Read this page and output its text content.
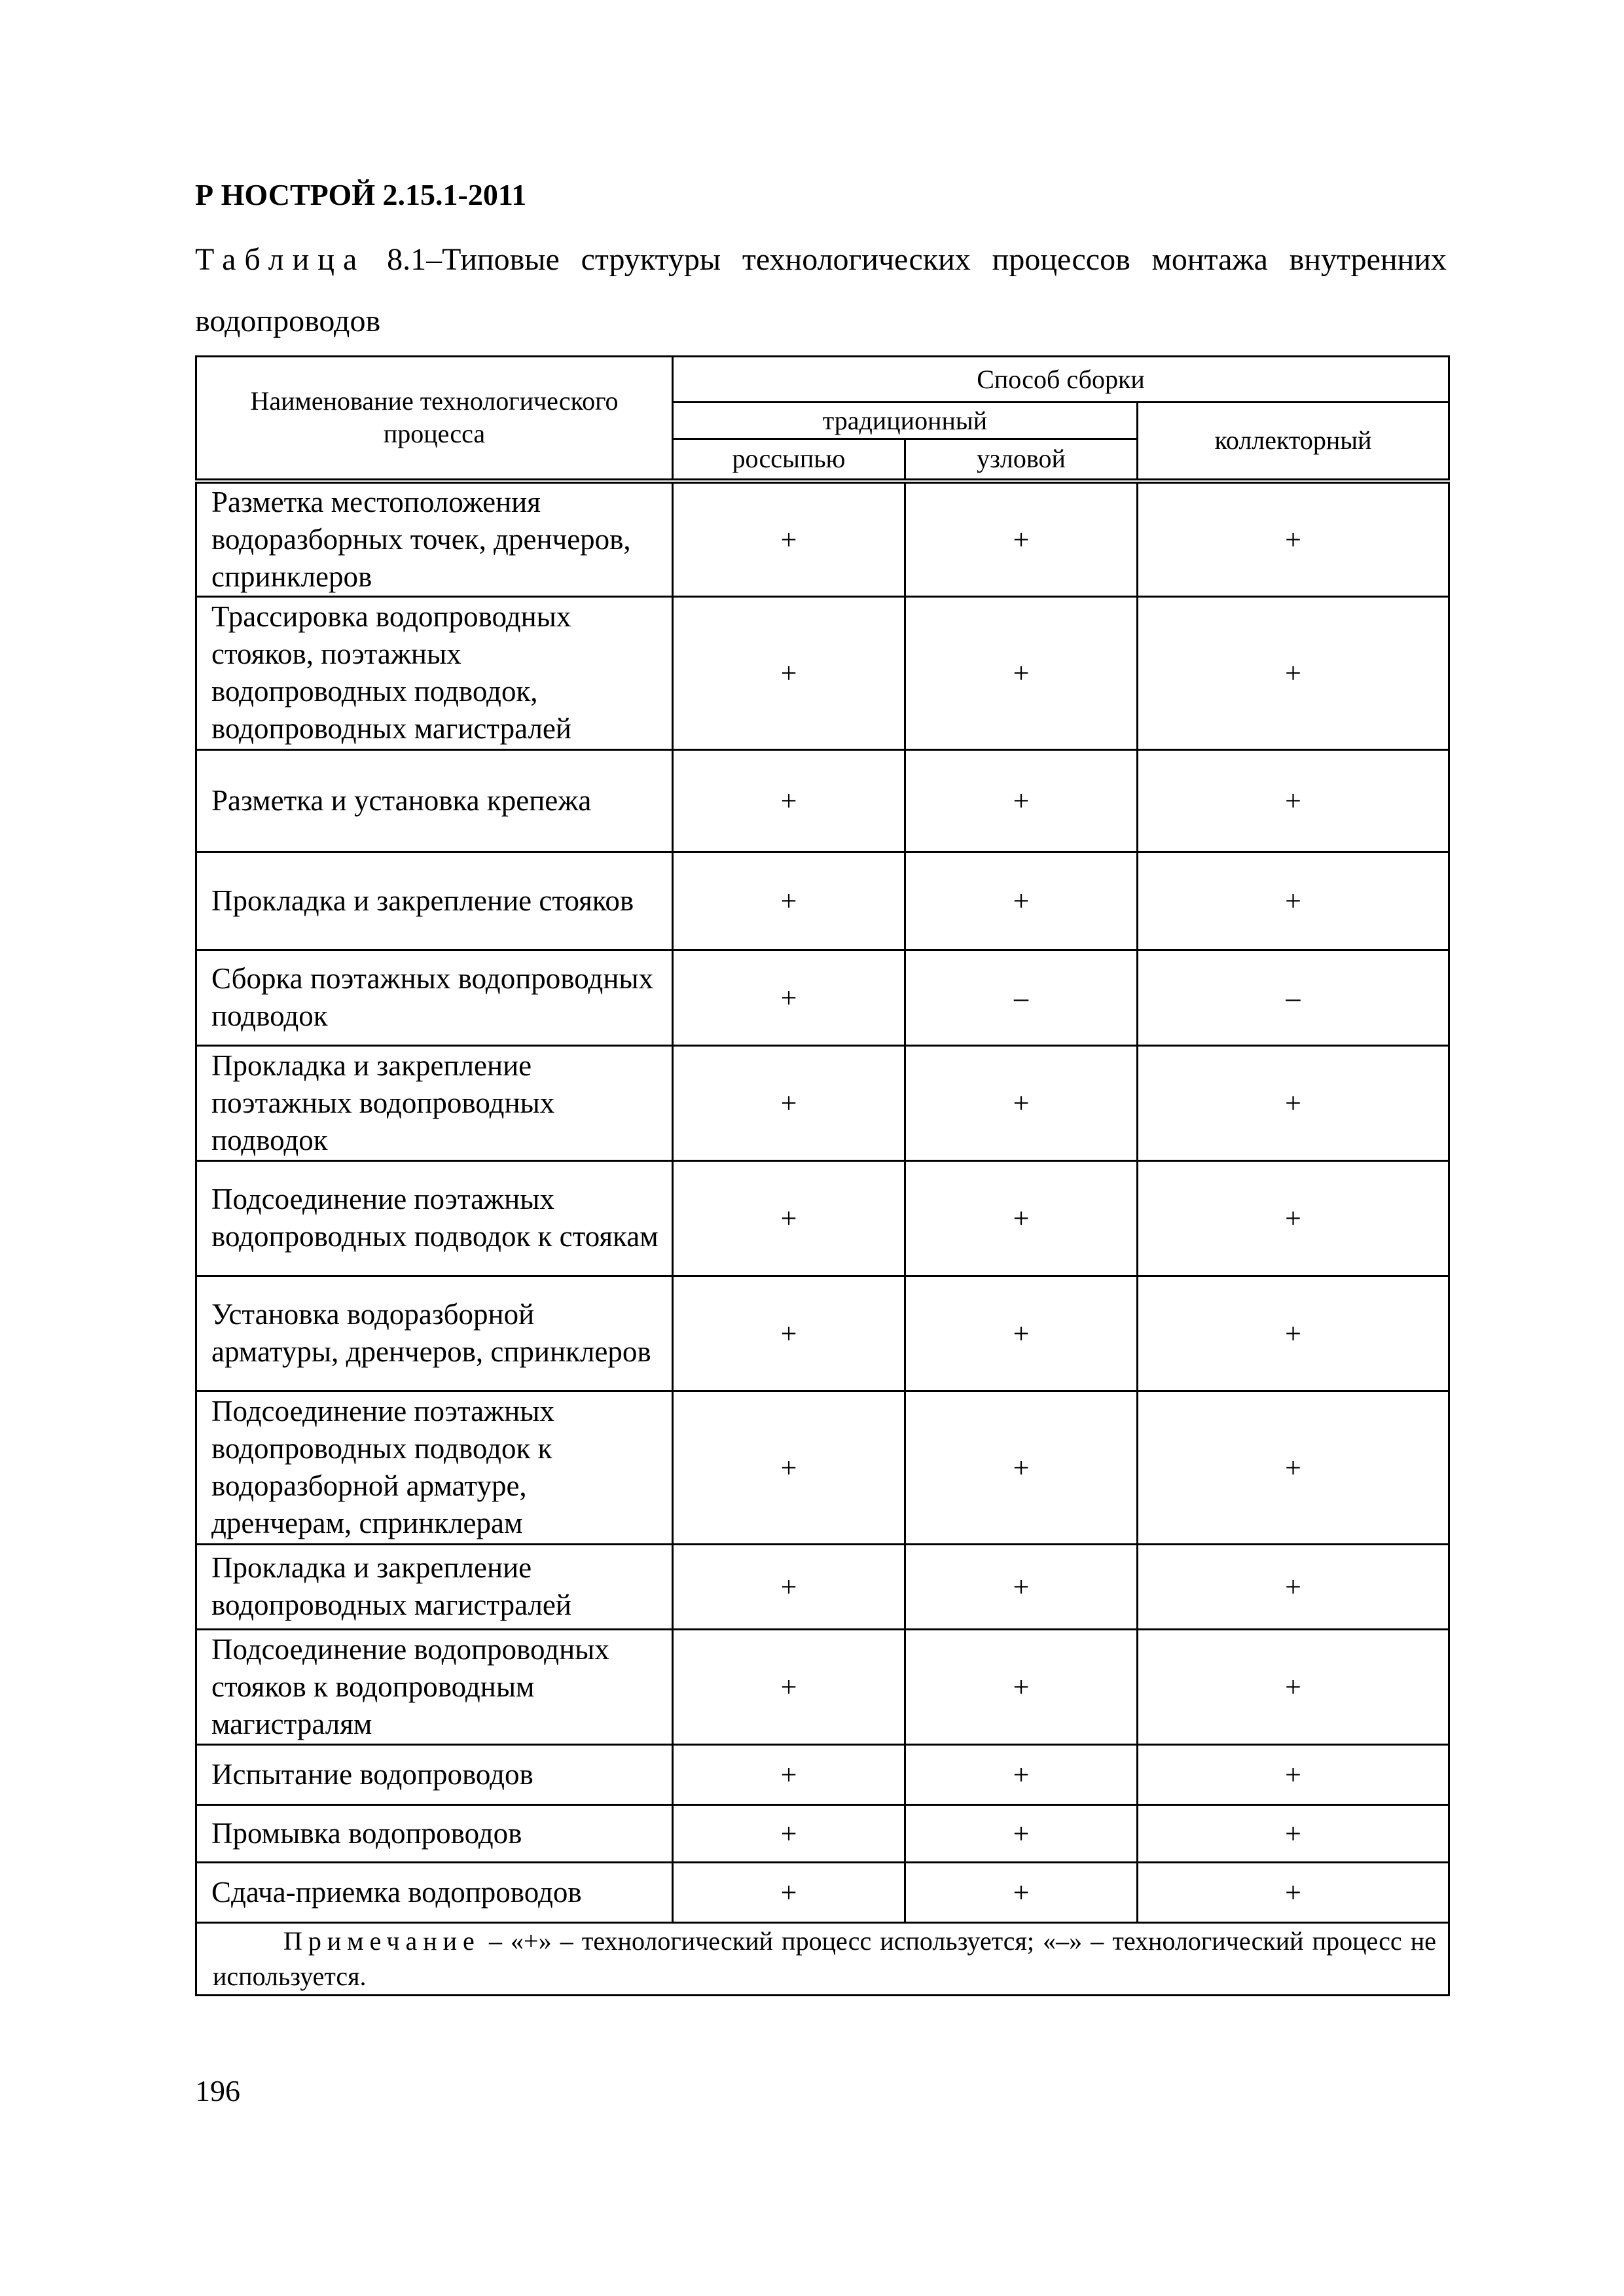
Р НОСТРОЙ 2.15.1-2011
Таблица 8.1–Типовые структуры технологических процессов монтажа внутренних водопроводов
Наименование технологического процесса	Способ сборки		
	традиционный		коллекторный
	россыпью	узловой	
Разметка местоположения водоразборных точек, дренчеров, спринклеров	+	+	+
Трассировка водопроводных стояков, поэтажных водопроводных подводок, водопроводных магистралей	+	+	+
Разметка и установка крепежа	+	+	+
Прокладка и закрепление стояков	+	+	+
Сборка поэтажных водопроводных подводок	+	–	–
Прокладка и закрепление поэтажных водопроводных подводок	+	+	+
Подсоединение поэтажных водопроводных подводок к стоякам	+	+	+
Установка водоразборной арматуры, дренчеров, спринклеров	+	+	+
Подсоединение поэтажных водопроводных подводок к водоразборной арматуре, дренчерам, спринклерам	+	+	+
Прокладка и закрепление водопроводных магистралей	+	+	+
Подсоединение водопроводных стояков к водопроводным магистралям	+	+	+
Испытание водопроводов	+	+	+
Промывка водопроводов	+	+	+
Сдача-приемка водопроводов	+	+	+
Примечание – «+» – технологический процесс используется; «–» – технологический процесс не используется.			
196
